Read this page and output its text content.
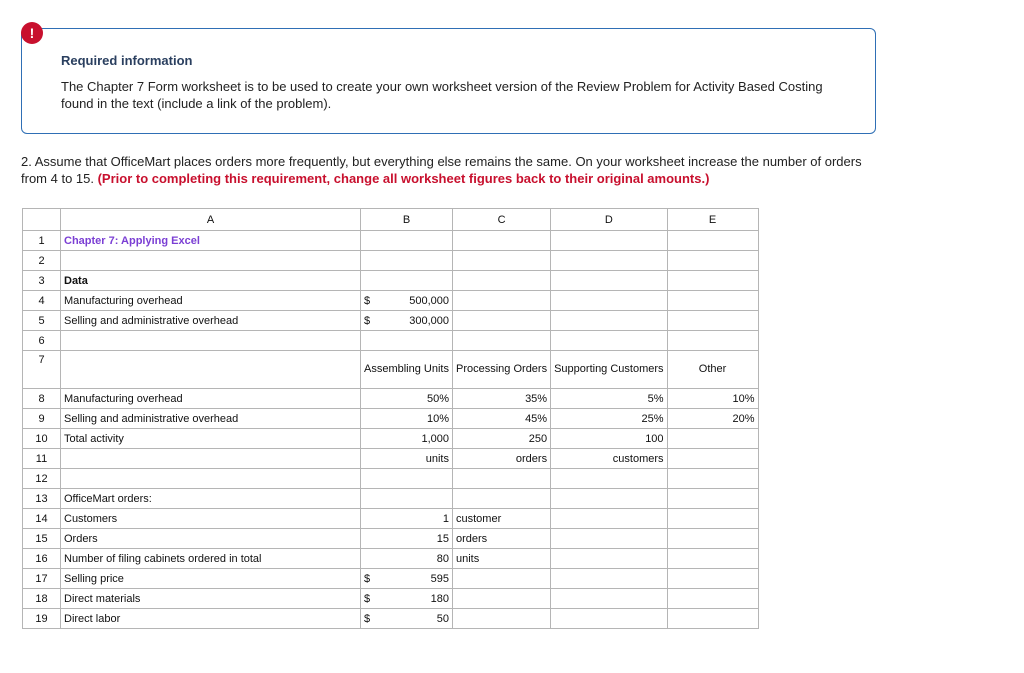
Required information
The Chapter 7 Form worksheet is to be used to create your own worksheet version of the Review Problem for Activity Based Costing found in the text (include a link of the problem).
!
2. Assume that OfficeMart places orders more frequently, but everything else remains the same. On your worksheet increase the number of orders from 4 to 15. (Prior to completing this requirement, change all worksheet figures back to their original amounts.)
	A	B	C	D	E
1	Chapter 7: Applying Excel				
2					
3	Data				
4	Manufacturing overhead	$ 500,000			

5	Selling and administrative overhead	$ 300,000			

6					
7		Assembling Units	Processing Orders	Supporting Customers	Other
8	Manufacturing overhead	50%	35%	5%	10%
9	Selling and administrative overhead	10%	45%	25%	20%
10	Total activity	1,000	250	100	
11		units	orders	customers	
12					
13	OfficeMart orders:				
14	Customers	1	customer		
15	Orders	15	orders		
16	Number of filing cabinets ordered in total	80	units		
17	Selling price	$ 595			

18	Direct materials	$ 180			

19	Direct labor	$ 50			
